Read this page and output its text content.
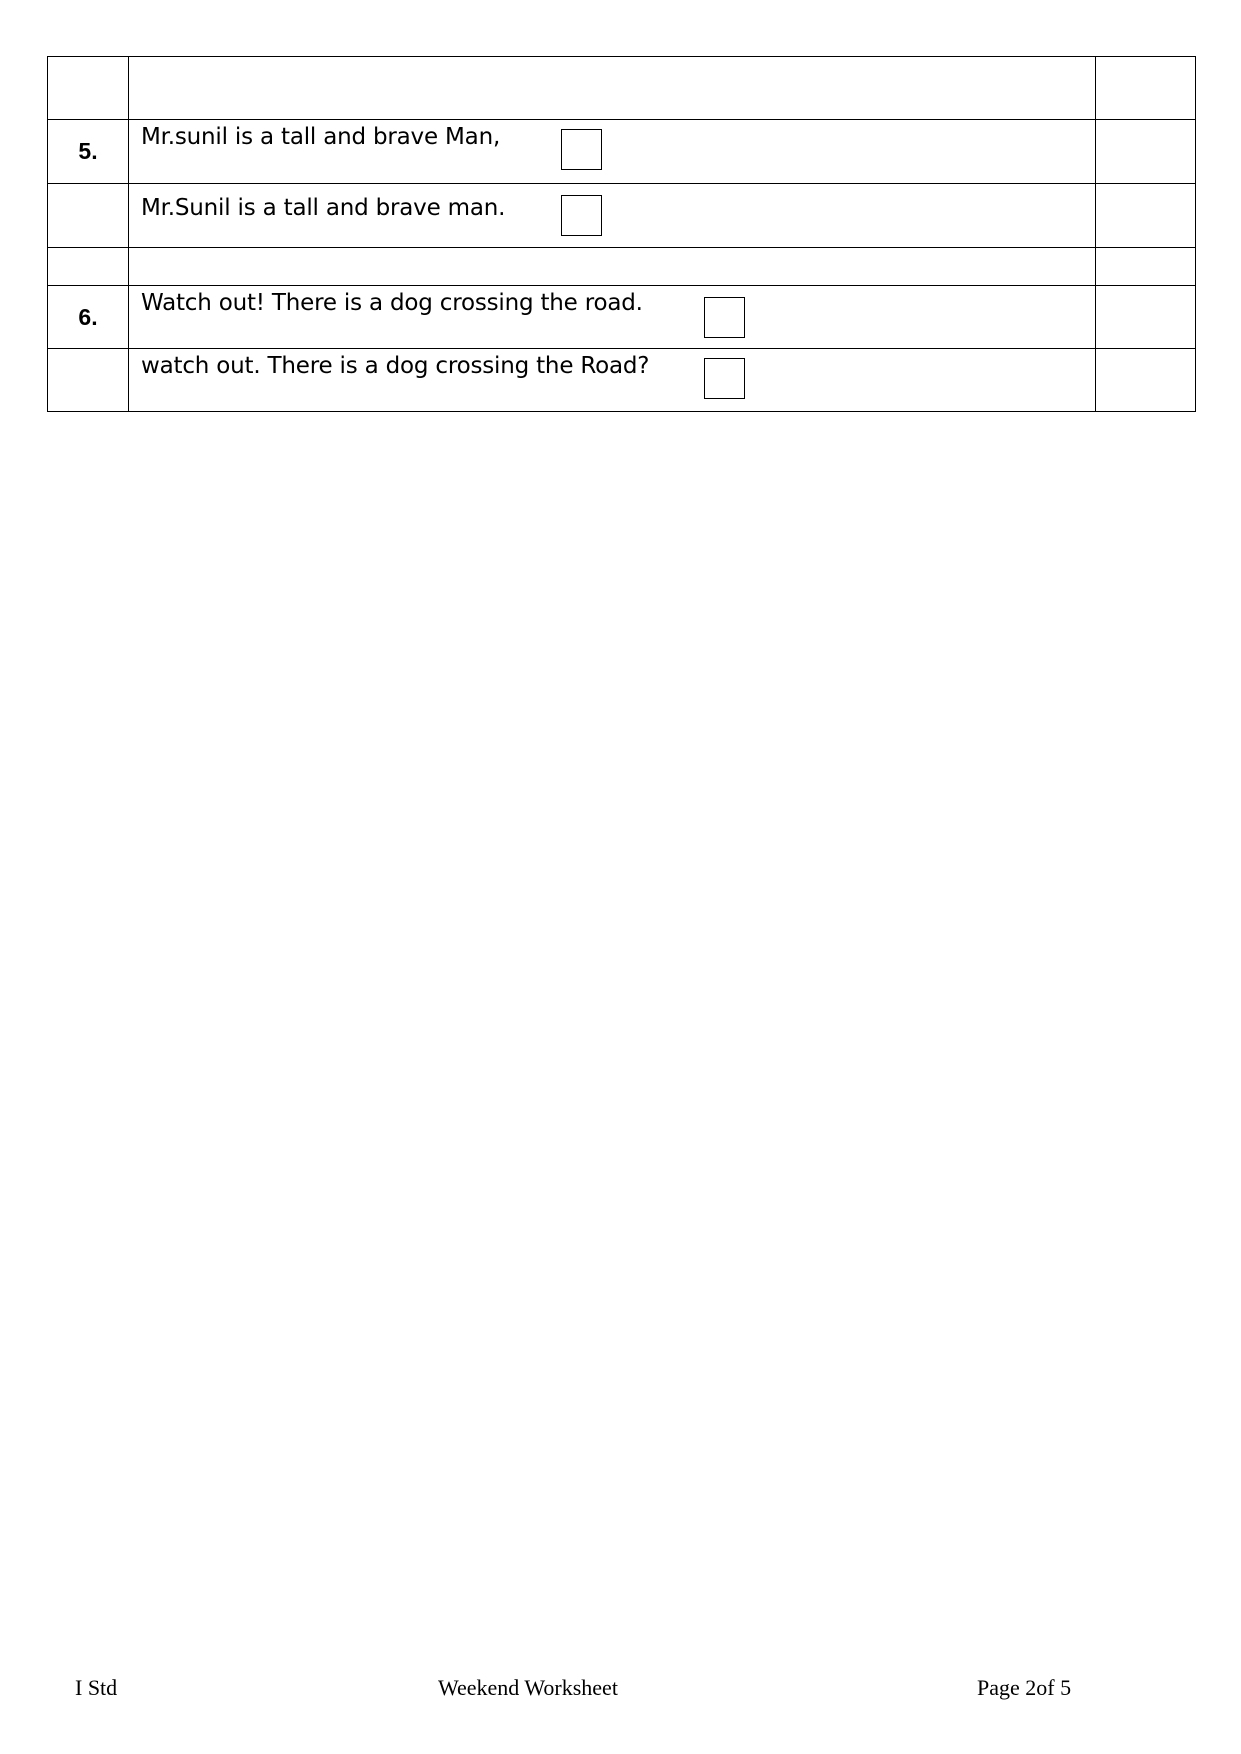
5.	Mr.sunil is a tall and brave Man,	

	Mr.Sunil is a tall and brave man.	

6.	Watch out! There is a dog crossing the road.	

	watch out. There is a dog crossing the Road?	

I Std	Weekend Worksheet	Page 2of 5
